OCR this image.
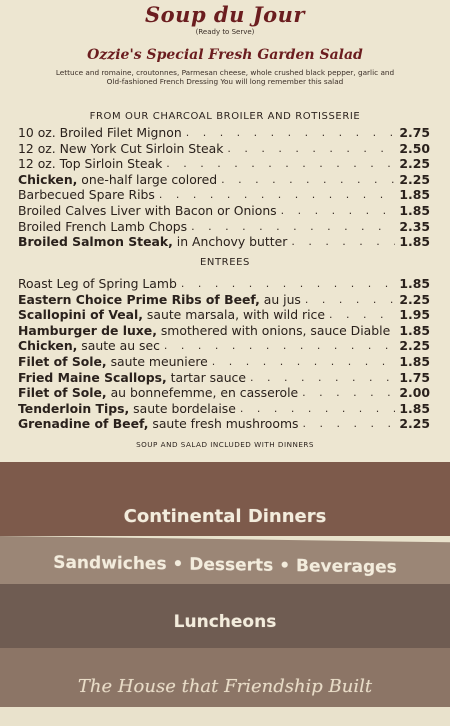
Soup du Jour
(Ready to Serve)
Ozzie's Special Fresh Garden Salad
Lettuce and romaine, croutonnes, Parmesan cheese, whole crushed black pepper, garlic and Old-fashioned French Dressing You will long remember this salad
FROM OUR CHARCOAL BROILER AND ROTISSERIE
10 oz. Broiled Filet Mignon . . .	2.75
12 oz. New York Cut Sirloin Steak . . .	2.50
12 oz. Top Sirloin Steak . . .	2.25
Chicken, one-half large colored . . .	2.25
Barbecued Spare Ribs . . .	1.85
Broiled Calves Liver with Bacon or Onions . . .	1.85
Broiled French Lamb Chops . . .	2.35
Broiled Salmon Steak, in Anchovy butter . . .	1.85
ENTREES
Roast Leg of Spring Lamb . . .	1.85
Eastern Choice Prime Ribs of Beef, au jus . . .	2.25
Scallopini of Veal, saute marsala, with wild rice . . .	1.95
Hamburger de luxe, smothered with onions, sauce Diable . . . 1.85
Chicken, saute au sec . . .	2.25
Filet of Sole, saute meuniere . . .	1.85
Fried Maine Scallops, tartar sauce . . .	1.75
Filet of Sole, au bonnefemme, en casserole . . .	2.00
Tenderloin Tips, saute bordelaise . . .	1.85
Grenadine of Beef, saute fresh mushrooms . . .	2.25
SOUP AND SALAD INCLUDED WITH DINNERS
Continental Dinners
Sandwiches • Desserts • Beverages
Luncheons
The House that Friendship Built
